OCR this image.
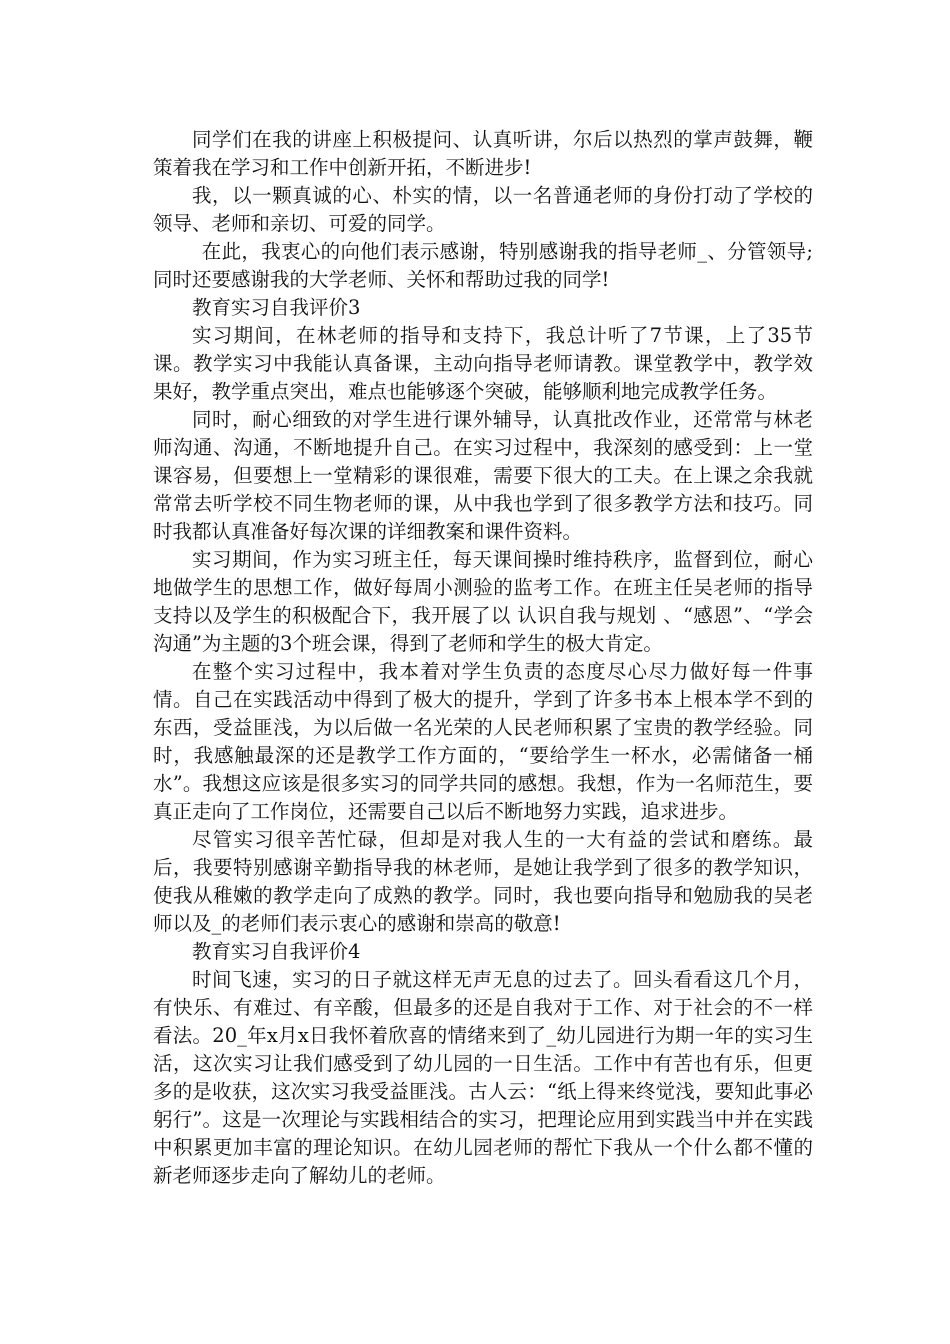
同学们在我的讲座上积极提问、认真听讲，尔后以热烈的掌声鼓舞，鞭策着我在学习和工作中创新开拓，不断进步!

我，以一颗真诚的心、朴实的情，以一名普通老师的身份打动了学校的领导、老师和亲切、可爱的同学。

在此，我衷心的向他们表示感谢，特别感谢我的指导老师_、分管领导;同时还要感谢我的大学老师、关怀和帮助过我的同学!

教育实习自我评价3

实习期间，在林老师的指导和支持下，我总计听了7节课，上了35节课。教学实习中我能认真备课，主动向指导老师请教。课堂教学中，教学效果好，教学重点突出，难点也能够逐个突破，能够顺利地完成教学任务。

同时，耐心细致的对学生进行课外辅导，认真批改作业，还常常与林老师沟通、沟通，不断地提升自己。在实习过程中，我深刻的感受到：上一堂课容易，但要想上一堂精彩的课很难，需要下很大的工夫。在上课之余我就常常去听学校不同生物老师的课，从中我也学到了很多教学方法和技巧。同时我都认真准备好每次课的详细教案和课件资料。

实习期间，作为实习班主任，每天课间操时维持秩序，监督到位，耐心地做学生的思想工作，做好每周小测验的监考工作。在班主任吴老师的指导支持以及学生的积极配合下，我开展了以 认识自我与规划 、“感恩”、“学会沟通”为主题的3个班会课，得到了老师和学生的极大肯定。

在整个实习过程中，我本着对学生负责的态度尽心尽力做好每一件事情。自己在实践活动中得到了极大的提升，学到了许多书本上根本学不到的东西，受益匪浅，为以后做一名光荣的人民老师积累了宝贵的教学经验。同时，我感触最深的还是教学工作方面的，“要给学生一杯水，必需储备一桶水”。我想这应该是很多实习的同学共同的感想。我想，作为一名师范生，要真正走向了工作岗位，还需要自己以后不断地努力实践，追求进步。

尽管实习很辛苦忙碌，但却是对我人生的一大有益的尝试和磨练。最后，我要特别感谢辛勤指导我的林老师，是她让我学到了很多的教学知识，使我从稚嫩的教学走向了成熟的教学。同时，我也要向指导和勉励我的吴老师以及_的老师们表示衷心的感谢和崇高的敬意!

教育实习自我评价4

时间飞速，实习的日子就这样无声无息的过去了。回头看看这几个月，有快乐、有难过、有辛酸，但最多的还是自我对于工作、对于社会的不一样看法。20_年x月x日我怀着欣喜的情绪来到了_幼儿园进行为期一年的实习生活，这次实习让我们感受到了幼儿园的一日生活。工作中有苦也有乐，但更多的是收获，这次实习我受益匪浅。古人云：“纸上得来终觉浅，要知此事必躬行”。这是一次理论与实践相结合的实习，把理论应用到实践当中并在实践中积累更加丰富的理论知识。在幼儿园老师的帮忙下我从一个什么都不懂的新老师逐步走向了解幼儿的老师。
